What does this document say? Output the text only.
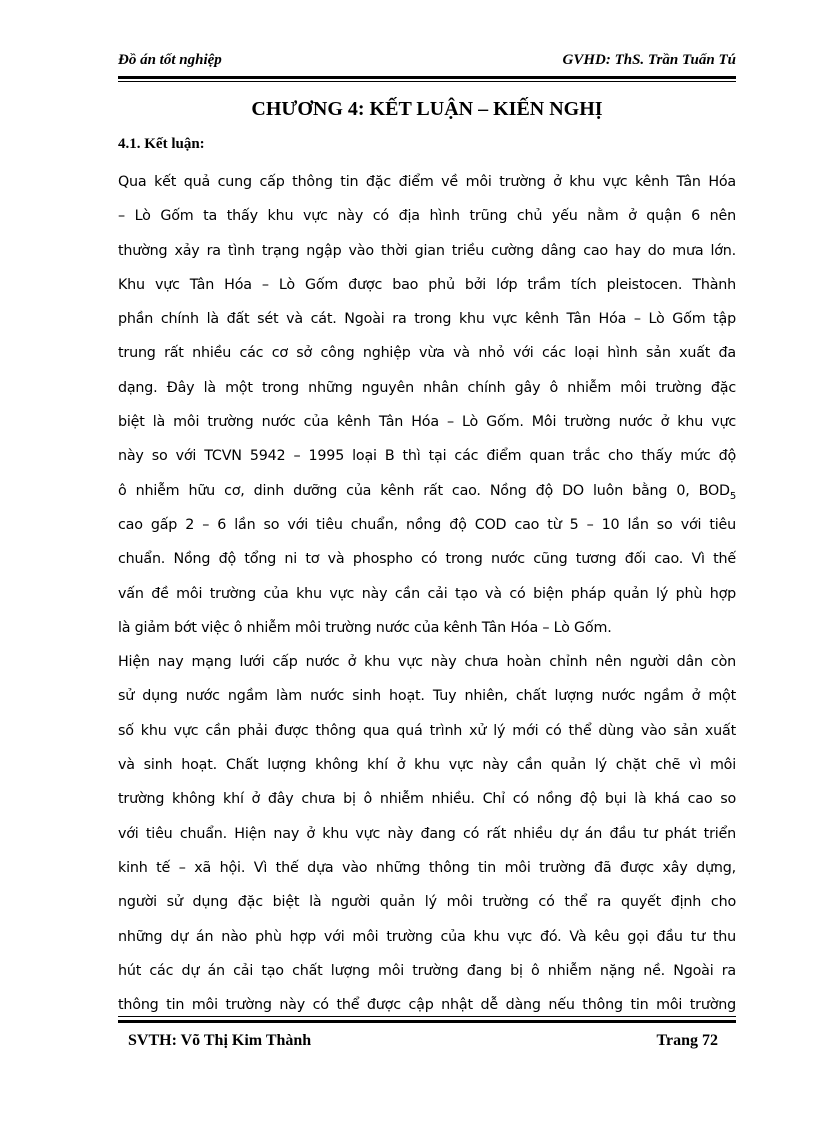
Đồ án tốt nghiệp	GVHD: ThS. Trần Tuấn Tú
CHƯƠNG 4: KẾT LUẬN – KIẾN NGHỊ
4.1. Kết luận:
Qua kết quả cung cấp thông tin đặc điểm về môi trường ở khu vực kênh Tân Hóa
– Lò Gốm ta thấy khu vực này có địa hình trũng chủ yếu nằm ở quận 6 nên
thường xảy ra tình trạng ngập vào thời gian triều cường dâng cao hay do mưa lớn.
Khu vực Tân Hóa – Lò Gốm được bao phủ bởi lớp trầm tích pleistocen. Thành
phần chính là đất sét và cát. Ngoài ra trong khu vực kênh Tân Hóa – Lò Gốm tập
trung rất nhiều các cơ sở công nghiệp vừa và nhỏ với các loại hình sản xuất đa
dạng. Đây là một trong những nguyên nhân chính gây ô nhiễm môi trường đặc
biệt là môi trường nước của kênh Tân Hóa – Lò Gốm. Môi trường nước ở khu vực
này so với TCVN 5942 – 1995 loại B thì tại các điểm quan trắc cho thấy mức độ
ô nhiễm hữu cơ, dinh dưỡng của kênh rất cao. Nồng độ DO luôn bằng 0, $BOD_5$
cao gấp 2 – 6 lần so với tiêu chuẩn, nồng độ COD cao từ 5 – 10 lần so với tiêu
chuẩn. Nồng độ tổng ni tơ và phospho có trong nước cũng tương đối cao. Vì thế
vấn đề môi trường của khu vực này cần cải tạo và có biện pháp quản lý phù hợp
là giảm bớt việc ô nhiễm môi trường nước của kênh Tân Hóa – Lò Gốm.
Hiện nay mạng lưới cấp nước ở khu vực này chưa hoàn chỉnh nên người dân còn
sử dụng nước ngầm làm nước sinh hoạt. Tuy nhiên, chất lượng nước ngầm ở một
số khu vực cần phải được thông qua quá trình xử lý mới có thể dùng vào sản xuất
và sinh hoạt. Chất lượng không khí ở khu vực này cần quản lý chặt chẽ vì môi
trường không khí ở đây chưa bị ô nhiễm nhiều. Chỉ có nồng độ bụi là khá cao so
với tiêu chuẩn. Hiện nay ở khu vực này đang có rất nhiều dự án đầu tư phát triển
kinh tế – xã hội. Vì thế dựa vào những thông tin môi trường đã được xây dựng,
người sử dụng đặc biệt là người quản lý môi trường có thể ra quyết định cho
những dự án nào phù hợp với môi trường của khu vực đó. Và kêu gọi đầu tư thu
hút các dự án cải tạo chất lượng môi trường đang bị ô nhiễm nặng nề. Ngoài ra
thông tin môi trường này có thể được cập nhật dễ dàng nếu thông tin môi trường
SVTH: Võ Thị Kim Thành	Trang 72
